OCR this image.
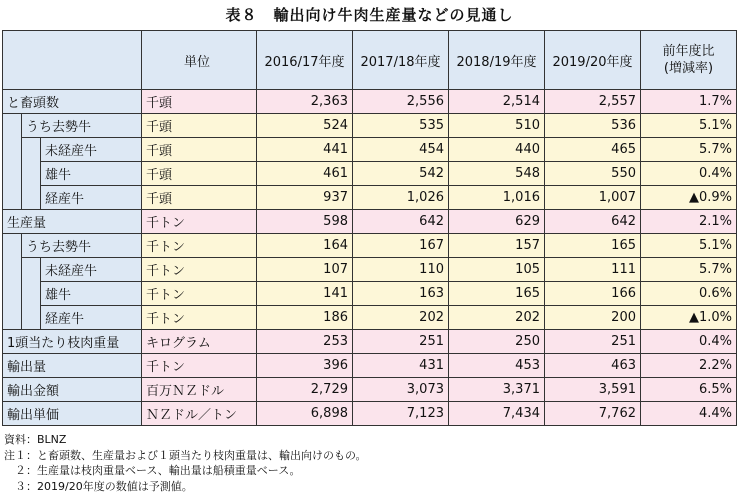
表８　輸出向け牛肉生産量などの見通し
			単位	2016/17年度	2017/18年度	2018/19年度	2019/20年度	前年度比
(増減率)
と畜頭数			千頭	2,363	2,556	2,514	2,557	1.7%
	うち去勢牛		千頭	524	535	510	536	5.1%
		未経産牛	千頭	441	454	440	465	5.7%
		雄牛	千頭	461	542	548	550	0.4%
		経産牛	千頭	937	1,026	1,016	1,007	▲0.9%
生産量			千トン	598	642	629	642	2.1%
	うち去勢牛		千トン	164	167	157	165	5.1%
		未経産牛	千トン	107	110	105	111	5.7%
		雄牛	千トン	141	163	165	166	0.6%
		経産牛	千トン	186	202	202	200	▲1.0%
1頭当たり枝肉重量			キログラム	253	251	250	251	0.4%
輸出量			千トン	396	431	453	463	2.2%
輸出金額			百万ＮＺドル	2,729	3,073	3,371	3,591	6.5%
輸出単価			ＮＺドル／トン	6,898	7,123	7,434	7,762	4.4%
資料：BLNZ
注１：と畜頭数、生産量および１頭当たり枝肉重量は、輸出向けのもの。
　２：生産量は枝肉重量ベース、輸出量は船積重量ベース。
　３：2019/20年度の数値は予測値。
